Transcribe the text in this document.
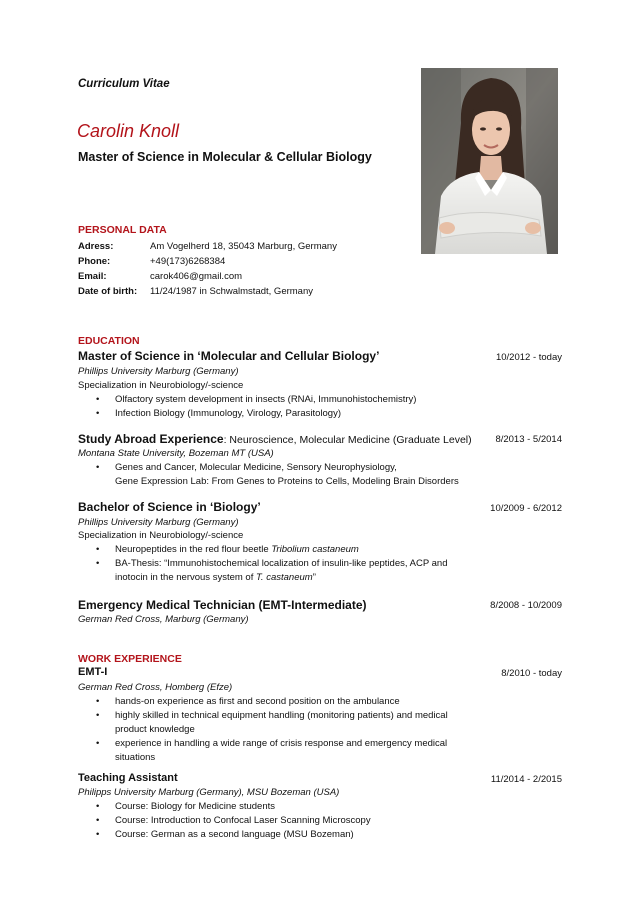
Curriculum Vitae
Carolin Knoll
Master of Science in Molecular & Cellular Biology
PERSONAL DATA
Adress:	Am Vogelherd 18, 35043 Marburg, Germany
Phone:	+49(173)6268384
Email:	carok406@gmail.com
Date of birth: 11/24/1987 in Schwalmstadt, Germany
EDUCATION
Master of Science in ‘Molecular and Cellular Biology’	10/2012 - today
Phillips University Marburg (Germany)
Specialization in Neurobiology/-science
• Olfactory system development in insects (RNAi, Immunohistochemistry)
• Infection Biology (Immunology, Virology, Parasitology)
Study Abroad Experience: Neuroscience, Molecular Medicine (Graduate Level)	8/2013 - 5/2014
Montana State University, Bozeman MT (USA)
• Genes and Cancer, Molecular Medicine, Sensory Neurophysiology,
Gene Expression Lab: From Genes to Proteins to Cells, Modeling Brain Disorders
Bachelor of Science in ‘Biology’	10/2009 - 6/2012
Phillips University Marburg (Germany)
Specialization in Neurobiology/-science
• Neuropeptides in the red flour beetle Tribolium castaneum
• BA-Thesis: “Immunohistochemical localization of insulin-like peptides, ACP and inotocin in the nervous system of T. castaneum”
Emergency Medical Technician (EMT-Intermediate)	8/2008 - 10/2009
German Red Cross, Marburg (Germany)
WORK EXPERIENCE
EMT-I	8/2010 - today
German Red Cross, Homberg (Efze)
• hands-on experience as first and second position on the ambulance
• highly skilled in technical equipment handling (monitoring patients) and medical product knowledge
• experience in handling a wide range of crisis response and emergency medical situations
Teaching Assistant	11/2014 - 2/2015
Philipps University Marburg (Germany), MSU Bozeman (USA)
• Course: Biology for Medicine students
• Course: Introduction to Confocal Laser Scanning Microscopy
• Course: German as a second language (MSU Bozeman)
